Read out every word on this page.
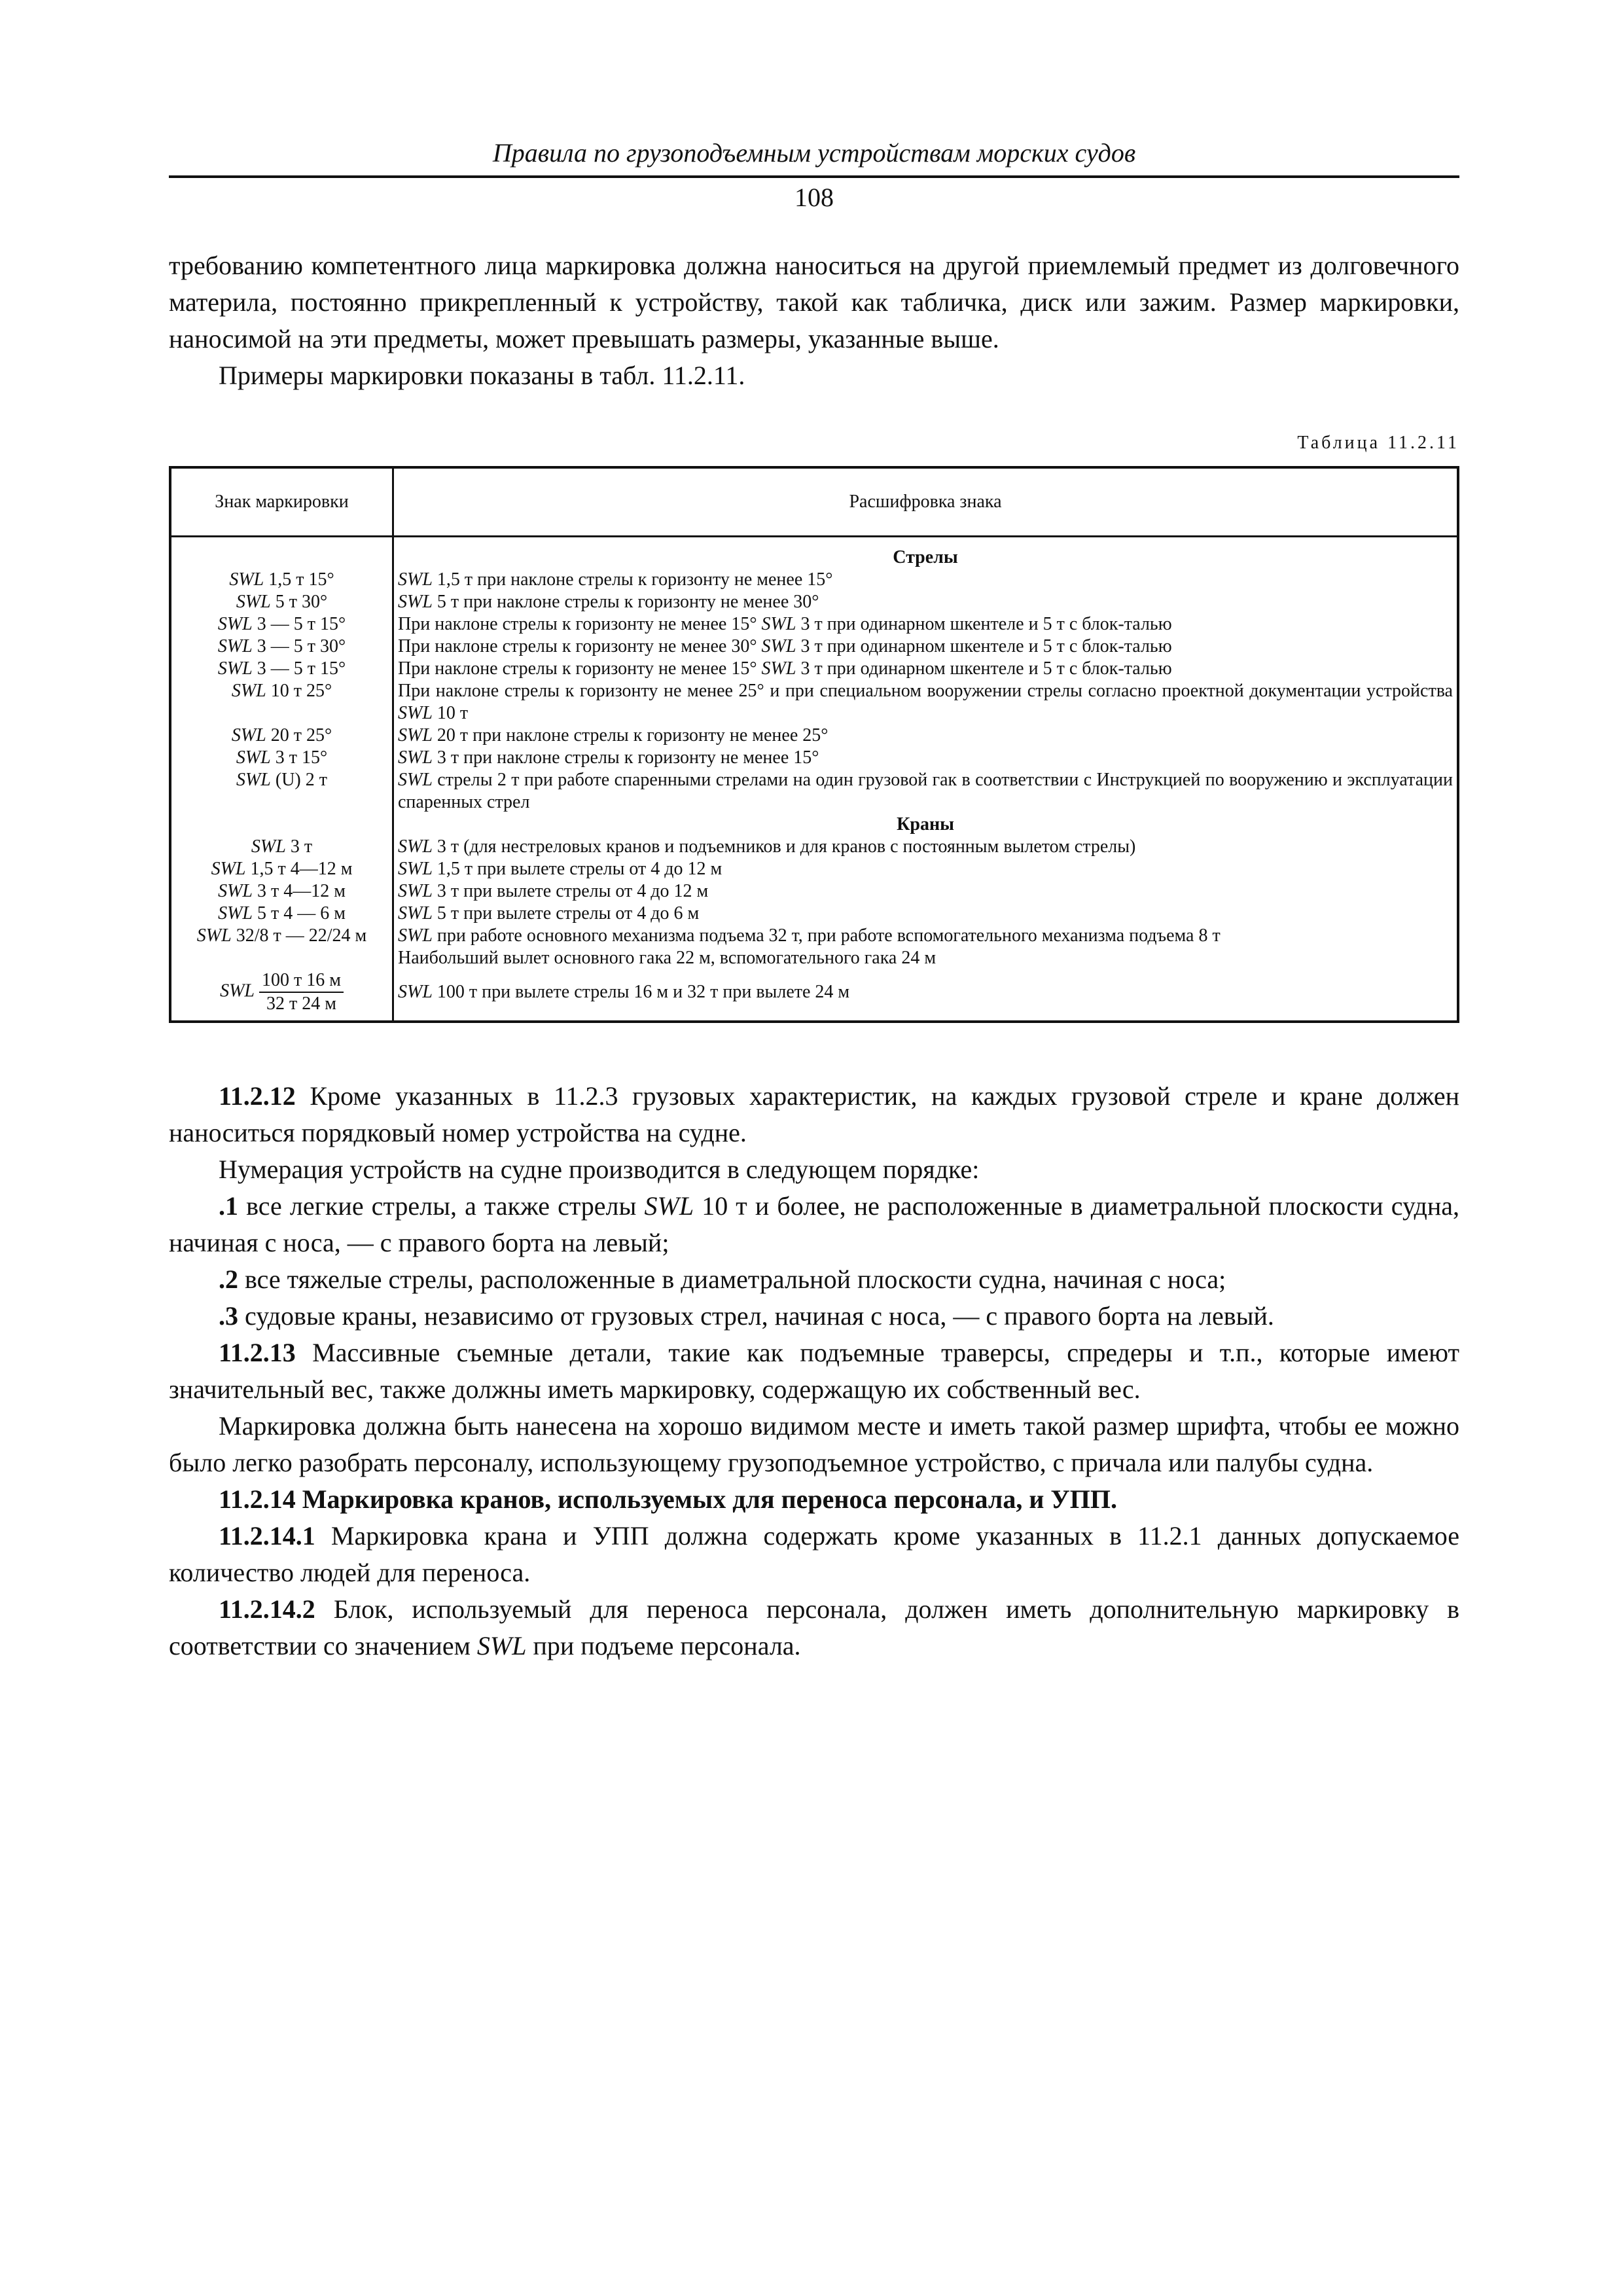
Правила по грузоподъемным устройствам морских судов
108

требованию компетентного лица маркировка должна наноситься на другой приемлемый предмет из долговечного материла, постоянно прикрепленный к устройству, такой как табличка, диск или зажим. Размер маркировки, наносимой на эти предметы, может превышать размеры, указанные выше.

Примеры маркировки показаны в табл. 11.2.11.

Таблица 11.2.11
Знак маркировки	Расшифровка знака
	Стрелы
SWL 1,5 т 15°	SWL 1,5 т при наклоне стрелы к горизонту не менее 15°
SWL 5 т 30°	SWL 5 т при наклоне стрелы к горизонту не менее 30°
SWL 3 — 5 т 15°	При наклоне стрелы к горизонту не менее 15° SWL 3 т при одинарном шкентеле и 5 т с блок-талью
SWL 3 — 5 т 30°	При наклоне стрелы к горизонту не менее 30° SWL 3 т при одинарном шкентеле и 5 т с блок-талью
SWL 3 — 5 т 15°	При наклоне стрелы к горизонту не менее 15° SWL 3 т при одинарном шкентеле и 5 т с блок-талью
SWL 10 т 25°	При наклоне стрелы к горизонту не менее 25° и при специальном вооружении стрелы согласно проектной документации устройства SWL 10 т
SWL 20 т 25°	SWL 20 т при наклоне стрелы к горизонту не менее 25°
SWL 3 т 15°	SWL 3 т при наклоне стрелы к горизонту не менее 15°
SWL (U) 2 т	SWL стрелы 2 т при работе спаренными стрелами на один грузовой гак в соответствии с Инструкцией по вооружению и эксплуатации спаренных стрел
	Краны
SWL 3 т	SWL 3 т (для нестреловых кранов и подъемников и для кранов с постоянным вылетом стрелы)
SWL 1,5 т 4—12 м	SWL 1,5 т при вылете стрелы от 4 до 12 м
SWL 3 т 4—12 м	SWL 3 т при вылете стрелы от 4 до 12 м
SWL 5 т 4 — 6 м	SWL 5 т при вылете стрелы от 4 до 6 м
SWL 32/8 т — 22/24 м	SWL при работе основного механизма подъема 32 т, при работе вспомогательного механизма подъема 8 т
Наибольший вылет основного гака 22 м, вспомогательного гака 24 м
SWL $\frac{100 т 16 м}{32 т 24 м}$	SWL 100 т при вылете стрелы 16 м и 32 т при вылете 24 м

11.2.12 Кроме указанных в 11.2.3 грузовых характеристик, на каждых грузовой стреле и кране должен наноситься порядковый номер устройства на судне.

Нумерация устройств на судне производится в следующем порядке:

.1 все легкие стрелы, а также стрелы SWL 10 т и более, не расположенные в диаметральной плоскости судна, начиная с носа, — с правого борта на левый;

.2 все тяжелые стрелы, расположенные в диаметральной плоскости судна, начиная с носа;

.3 судовые краны, независимо от грузовых стрел, начиная с носа, — с правого борта на левый.

11.2.13 Массивные съемные детали, такие как подъемные траверсы, спредеры и т.п., которые имеют значительный вес, также должны иметь маркировку, содержащую их собственный вес.

Маркировка должна быть нанесена на хорошо видимом месте и иметь такой размер шрифта, чтобы ее можно было легко разобрать персоналу, использующему грузоподъемное устройство, с причала или палубы судна.

11.2.14 Маркировка кранов, используемых для переноса персонала, и УПП.

11.2.14.1 Маркировка крана и УПП должна содержать кроме указанных в 11.2.1 данных допускаемое количество людей для переноса.

11.2.14.2 Блок, используемый для переноса персонала, должен иметь дополнительную маркировку в соответствии со значением SWL при подъеме персонала.
